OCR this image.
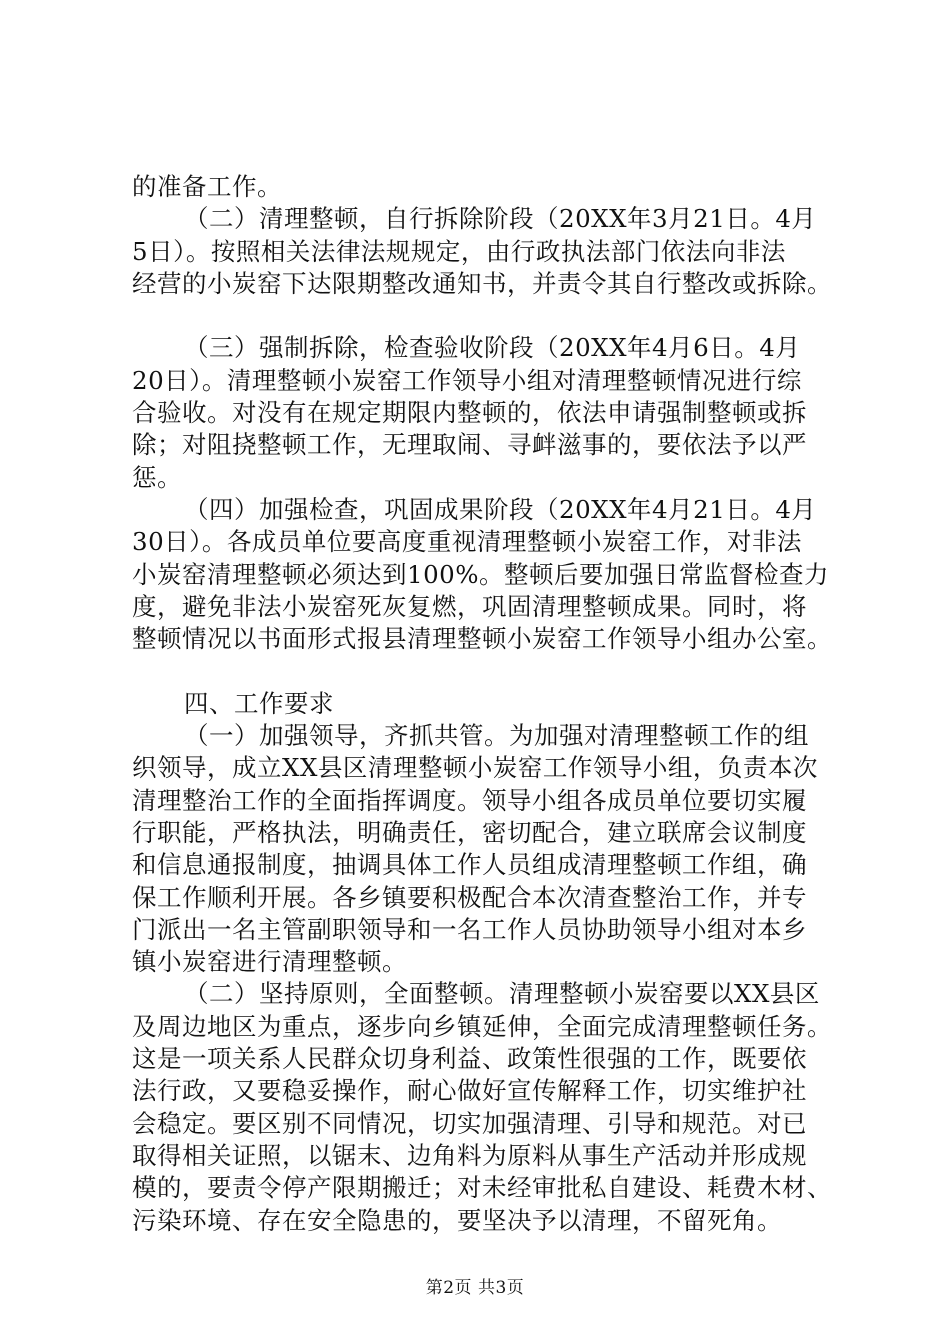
的准备工作。
（二）清理整顿，自行拆除阶段（20XX年3月21日。4月
5日）。按照相关法律法规规定，由行政执法部门依法向非法
经营的小炭窑下达限期整改通知书，并责令其自行整改或拆除。
（三）强制拆除，检查验收阶段（20XX年4月6日。4月
20日）。清理整顿小炭窑工作领导小组对清理整顿情况进行综
合验收。对没有在规定期限内整顿的，依法申请强制整顿或拆
除；对阻挠整顿工作，无理取闹、寻衅滋事的，要依法予以严
惩。
（四）加强检查，巩固成果阶段（20XX年4月21日。4月
30日）。各成员单位要高度重视清理整顿小炭窑工作，对非法
小炭窑清理整顿必须达到100%。整顿后要加强日常监督检查力
度，避免非法小炭窑死灰复燃，巩固清理整顿成果。同时，将
整顿情况以书面形式报县清理整顿小炭窑工作领导小组办公室。
四、工作要求
（一）加强领导，齐抓共管。为加强对清理整顿工作的组
织领导，成立XX县区清理整顿小炭窑工作领导小组，负责本次
清理整治工作的全面指挥调度。领导小组各成员单位要切实履
行职能，严格执法，明确责任，密切配合，建立联席会议制度
和信息通报制度，抽调具体工作人员组成清理整顿工作组，确
保工作顺利开展。各乡镇要积极配合本次清查整治工作，并专
门派出一名主管副职领导和一名工作人员协助领导小组对本乡
镇小炭窑进行清理整顿。
（二）坚持原则，全面整顿。清理整顿小炭窑要以XX县区
及周边地区为重点，逐步向乡镇延伸，全面完成清理整顿任务。
这是一项关系人民群众切身利益、政策性很强的工作，既要依
法行政，又要稳妥操作，耐心做好宣传解释工作，切实维护社
会稳定。要区别不同情况，切实加强清理、引导和规范。对已
取得相关证照，以锯末、边角料为原料从事生产活动并形成规
模的，要责令停产限期搬迁；对未经审批私自建设、耗费木材、
污染环境、存在安全隐患的，要坚决予以清理，不留死角。
第2页 共3页
